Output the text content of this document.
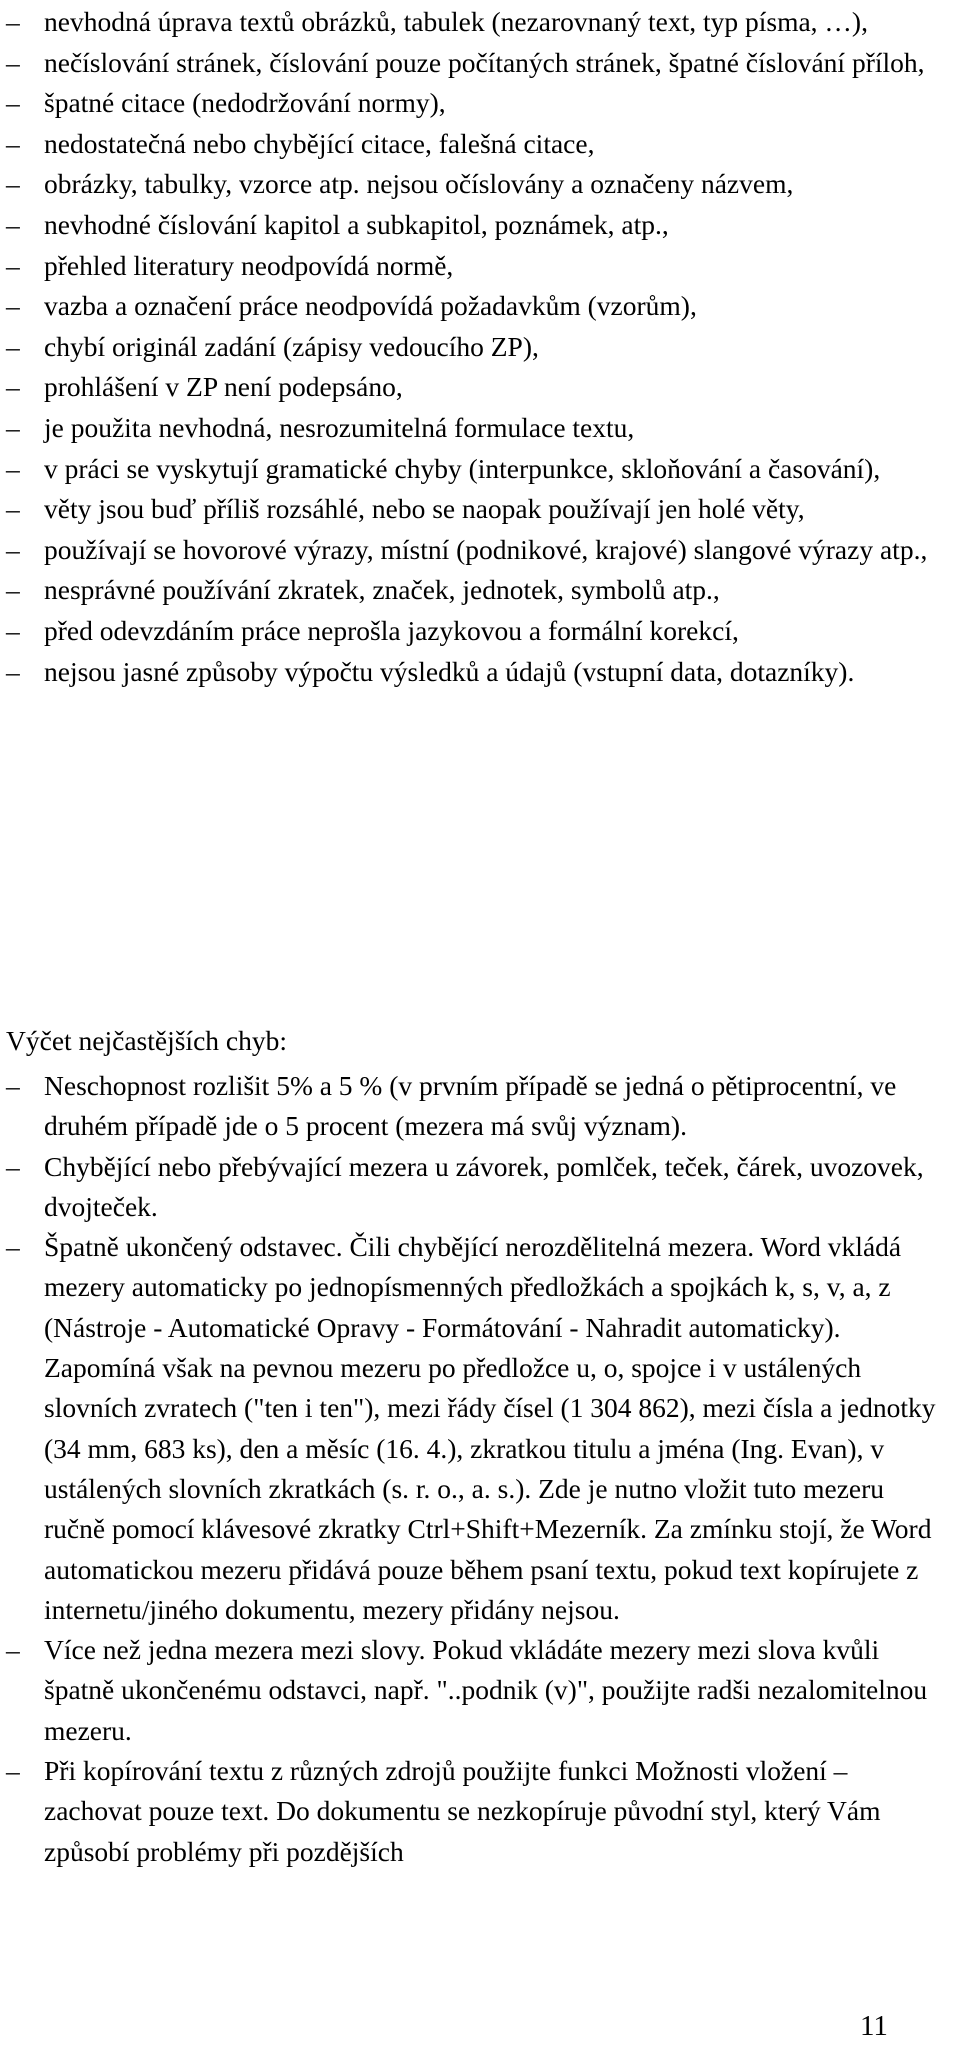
– nevhodná úprava textů obrázků, tabulek (nezarovnaný text, typ písma, …),
– nečíslování stránek, číslování pouze počítaných stránek, špatné číslování příloh,
– špatné citace (nedodržování normy),
– nedostatečná nebo chybějící citace, falešná citace,
– obrázky, tabulky, vzorce atp. nejsou očíslovány a označeny názvem,
– nevhodné číslování kapitol a subkapitol, poznámek, atp.,
– přehled literatury neodpovídá normě,
– vazba a označení práce neodpovídá požadavkům (vzorům),
– chybí originál zadání (zápisy vedoucího ZP),
– prohlášení v ZP není podepsáno,
– je použita nevhodná, nesrozumitelná formulace textu,
– v práci se vyskytují gramatické chyby (interpunkce, skloňování a časování),
– věty jsou buď příliš rozsáhlé, nebo se naopak používají jen holé věty,
– používají se hovorové výrazy, místní (podnikové, krajové) slangové výrazy atp.,
– nesprávné používání zkratek, značek, jednotek, symbolů atp.,
– před odevzdáním práce neprošla jazykovou a formální korekcí,
– nejsou jasné způsoby výpočtu výsledků a údajů (vstupní data, dotazníky).

Výčet nejčastějších chyb:

– Neschopnost rozlišit 5% a 5 % (v prvním případě se jedná o pětiprocentní, ve druhém případě jde o 5 procent (mezera má svůj význam).
– Chybějící nebo přebývající mezera u závorek, pomlček, teček, čárek, uvozovek, dvojteček.
– Špatně ukončený odstavec. Čili chybějící nerozdělitelná mezera. Word vkládá mezery automaticky po jednopísmenných předložkách a spojkách k, s, v, a, z (Nástroje - Automatické Opravy - Formátování - Nahradit automaticky). Zapomíná však na pevnou mezeru po předložce u, o, spojce i v ustálených slovních zvratech ("ten i ten"), mezi řády čísel (1 304 862), mezi čísla a jednotky (34 mm, 683 ks), den a měsíc (16. 4.), zkratkou titulu a jména (Ing. Evan), v ustálených slovních zkratkách (s. r. o., a. s.). Zde je nutno vložit tuto mezeru ručně pomocí klávesové zkratky Ctrl+Shift+Mezerník. Za zmínku stojí, že Word automatickou mezeru přidává pouze během psaní textu, pokud text kopírujete z internetu/jiného dokumentu, mezery přidány nejsou.
– Více než jedna mezera mezi slovy. Pokud vkládáte mezery mezi slova kvůli špatně ukončenému odstavci, např. "..podnik (v)", použijte radši nezalomitelnou mezeru.
– Při kopírování textu z různých zdrojů použijte funkci Možnosti vložení – zachovat pouze text. Do dokumentu se nezkopíruje původní styl, který Vám způsobí problémy při pozdějších
11
